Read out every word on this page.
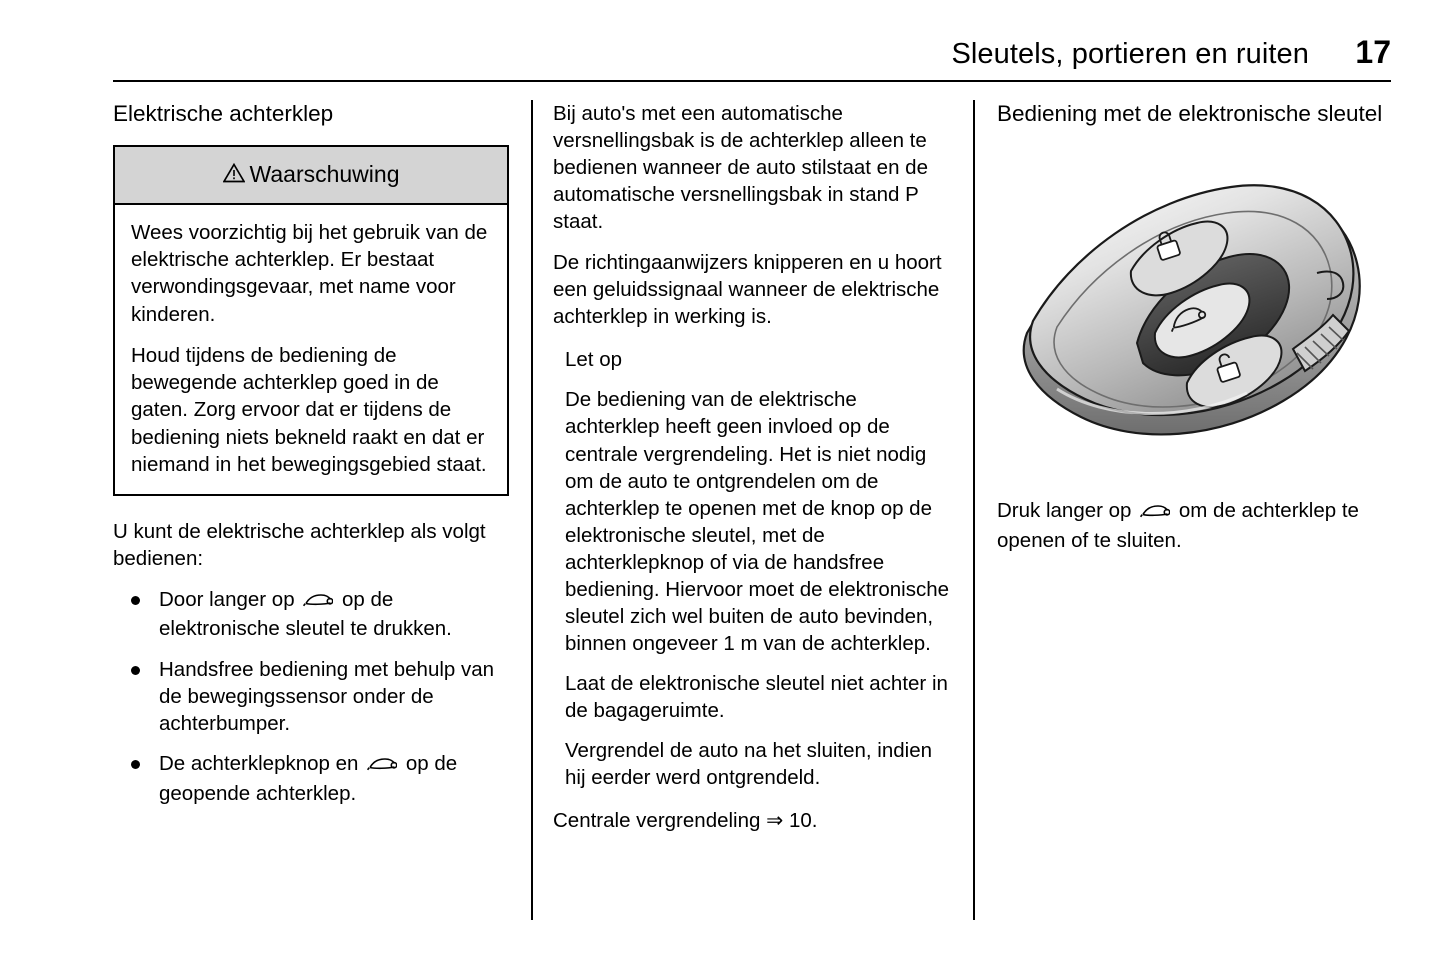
Sleutels, portieren en ruiten 17
Elektrische achterklep
Waarschuwing

Wees voorzichtig bij het gebruik van de elektrische achterklep. Er bestaat verwondingsgevaar, met name voor kinderen.

Houd tijdens de bediening de bewegende achterklep goed in de gaten. Zorg ervoor dat er tijdens de bediening niets bekneld raakt en dat er niemand in het bewegingsgebied staat.

U kunt de elektrische achterklep als volgt bedienen:

Door langer op  op de elektronische sleutel te drukken.
Handsfree bediening met behulp van de bewegingssensor onder de achterbumper.
De achterklepknop en  op de geopende achterklep.

Bij auto's met een automatische versnellingsbak is de achterklep alleen te bedienen wanneer de auto stilstaat en de automatische versnellingsbak in stand P staat.

De richtingaanwijzers knipperen en u hoort een geluidssignaal wanneer de elektrische achterklep in werking is.

Let op

De bediening van de elektrische achterklep heeft geen invloed op de centrale vergrendeling. Het is niet nodig om de auto te ontgrendelen om de achterklep te openen met de knop op de elektronische sleutel, met de achterklepknop of via de handsfree bediening. Hiervoor moet de elektronische sleutel zich wel buiten de auto bevinden, binnen ongeveer 1 m van de achterklep.

Laat de elektronische sleutel niet achter in de bagageruimte.

Vergrendel de auto na het sluiten, indien hij eerder werd ontgrendeld.

Centrale vergrendeling ⇒ 10.

Bediening met de elektronische sleutel

Druk langer op  om de achterklep te openen of te sluiten.
